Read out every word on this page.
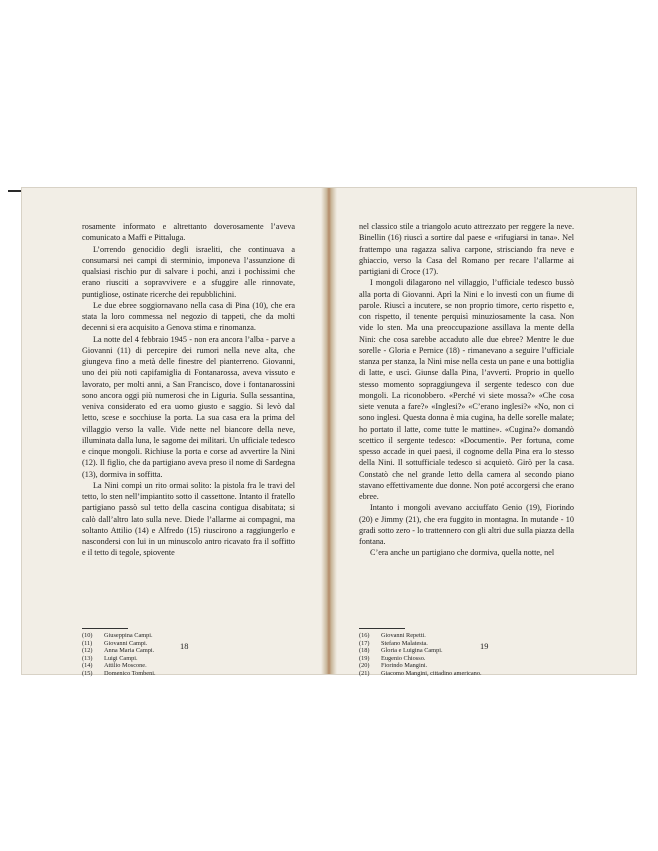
rosamente informato e altrettanto doverosamente l’aveva comunicato a Maffi e Pittaluga.

L’orrendo genocidio degli israeliti, che continuava a consumarsi nei campi di sterminio, imponeva l’assunzione di qualsiasi rischio pur di salvare i pochi, anzi i pochissimi che erano riusciti a sopravvivere e a sfuggire alle rinnovate, puntigliose, ostinate ricerche dei repubblichini.

Le due ebree soggiornavano nella casa di Pina (10), che era stata la loro commessa nel negozio di tappeti, che da molti decenni si era acquisito a Genova stima e rinomanza.

La notte del 4 febbraio 1945 - non era ancora l’alba - parve a Giovanni (11) di percepire dei rumori nella neve alta, che giungeva fino a metà delle finestre del pianterreno. Giovanni, uno dei più noti capifamiglia di Fontanarossa, aveva vissuto e lavorato, per molti anni, a San Francisco, dove i fontanarossini sono ancora oggi più numerosi che in Liguria. Sulla sessantina, veniva considerato ed era uomo giusto e saggio. Si levò dal letto, scese e socchiuse la porta. La sua casa era la prima del villaggio verso la valle. Vide nette nel biancore della neve, illuminata dalla luna, le sagome dei militari. Un ufficiale tedesco e cinque mongoli. Richiuse la porta e corse ad avvertire la Nini (12). Il figlio, che da partigiano aveva preso il nome di Sardegna (13), dormiva in soffitta.

La Nini compì un rito ormai solito: la pistola fra le travi del tetto, lo sten nell’impiantito sotto il cassettone. Intanto il fratello partigiano passò sul tetto della cascina contigua disabitata; si calò dall’altro lato sulla neve. Diede l’allarme ai compagni, ma soltanto Attilio (14) e Alfredo (15) riuscirono a raggiungerlo e nascondersi con lui in un minuscolo antro ricavato fra il soffitto e il tetto di tegole, spiovente

(10)	Giuseppina Campi.
(11)	Giovanni Campi.
(12)	Anna Maria Campi.
(13)	Luigi Campi.
(14)	Attilio Moscone.
(15)	Domenico Tombeni.
18

nel classico stile a triangolo acuto attrezzato per reggere la neve. Binellin (16) riuscì a sortire dal paese e «rifugiarsi in tana». Nel frattempo una ragazza saliva carpone, strisciando fra neve e ghiaccio, verso la Casa del Romano per recare l’allarme ai partigiani di Croce (17).

I mongoli dilagarono nel villaggio, l’ufficiale tedesco bussò alla porta di Giovanni. Aprì la Nini e lo investì con un fiume di parole. Riuscì a incutere, se non proprio timore, certo rispetto e, con rispetto, il tenente perquisì minuziosamente la casa. Non vide lo sten. Ma una preoccupazione assillava la mente della Nini: che cosa sarebbe accaduto alle due ebree? Mentre le due sorelle - Gloria e Pernice (18) - rimanevano a seguire l’ufficiale stanza per stanza, la Nini mise nella cesta un pane e una bottiglia di latte, e uscì. Giunse dalla Pina, l’avvertì. Proprio in quello stesso momento sopraggiungeva il sergente tedesco con due mongoli. La riconobbero. «Perché vi siete mossa?» «Che cosa siete venuta a fare?» «Inglesi?» «C’erano inglesi?» «No, non ci sono inglesi. Questa donna è mia cugina, ha delle sorelle malate; ho portato il latte, come tutte le mattine». «Cugina?» domandò scettico il sergente tedesco: «Documenti». Per fortuna, come spesso accade in quei paesi, il cognome della Pina era lo stesso della Nini. Il sottufficiale tedesco si acquietò. Girò per la casa. Constatò che nel grande letto della camera al secondo piano stavano effettivamente due donne. Non poté accorgersi che erano ebree.

Intanto i mongoli avevano acciuffato Genio (19), Fiorindo (20) e Jimmy (21), che era fuggito in montagna. In mutande - 10 gradi sotto zero - lo trattennero con gli altri due sulla piazza della fontana.

C’era anche un partigiano che dormiva, quella notte, nel

(16)	Giovanni Repetti.
(17)	Stefano Malatesta.
(18)	Gloria e Luigina Campi.
(19)	Eugenio Chiosso.
(20)	Fiorindo Mangini.
(21)	Giacomo Mangini, cittadino americano.
19
